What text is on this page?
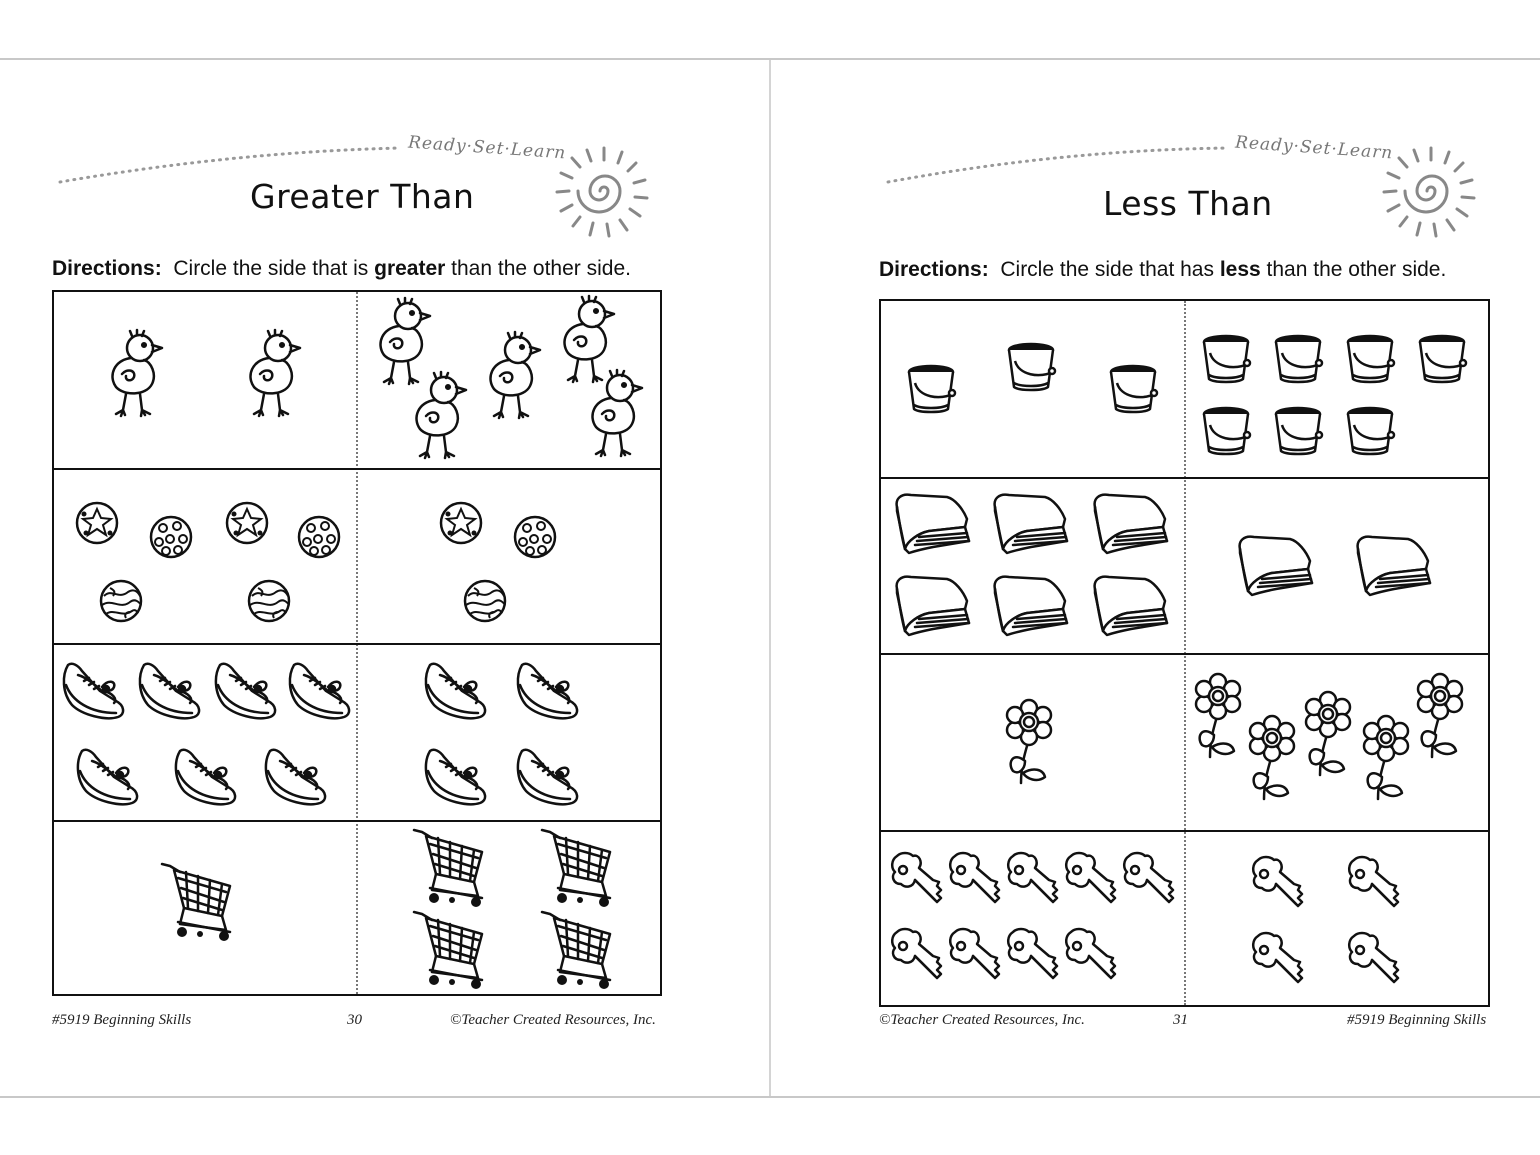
Ready·Set·Learn
Greater Than
Directions: Circle the side that is greater than the other side.
#5919 Beginning Skills	30	©Teacher Created Resources, Inc.
Ready·Set·Learn
Less Than
Directions: Circle the side that has less than the other side.
©Teacher Created Resources, Inc.	31	#5919 Beginning Skills
